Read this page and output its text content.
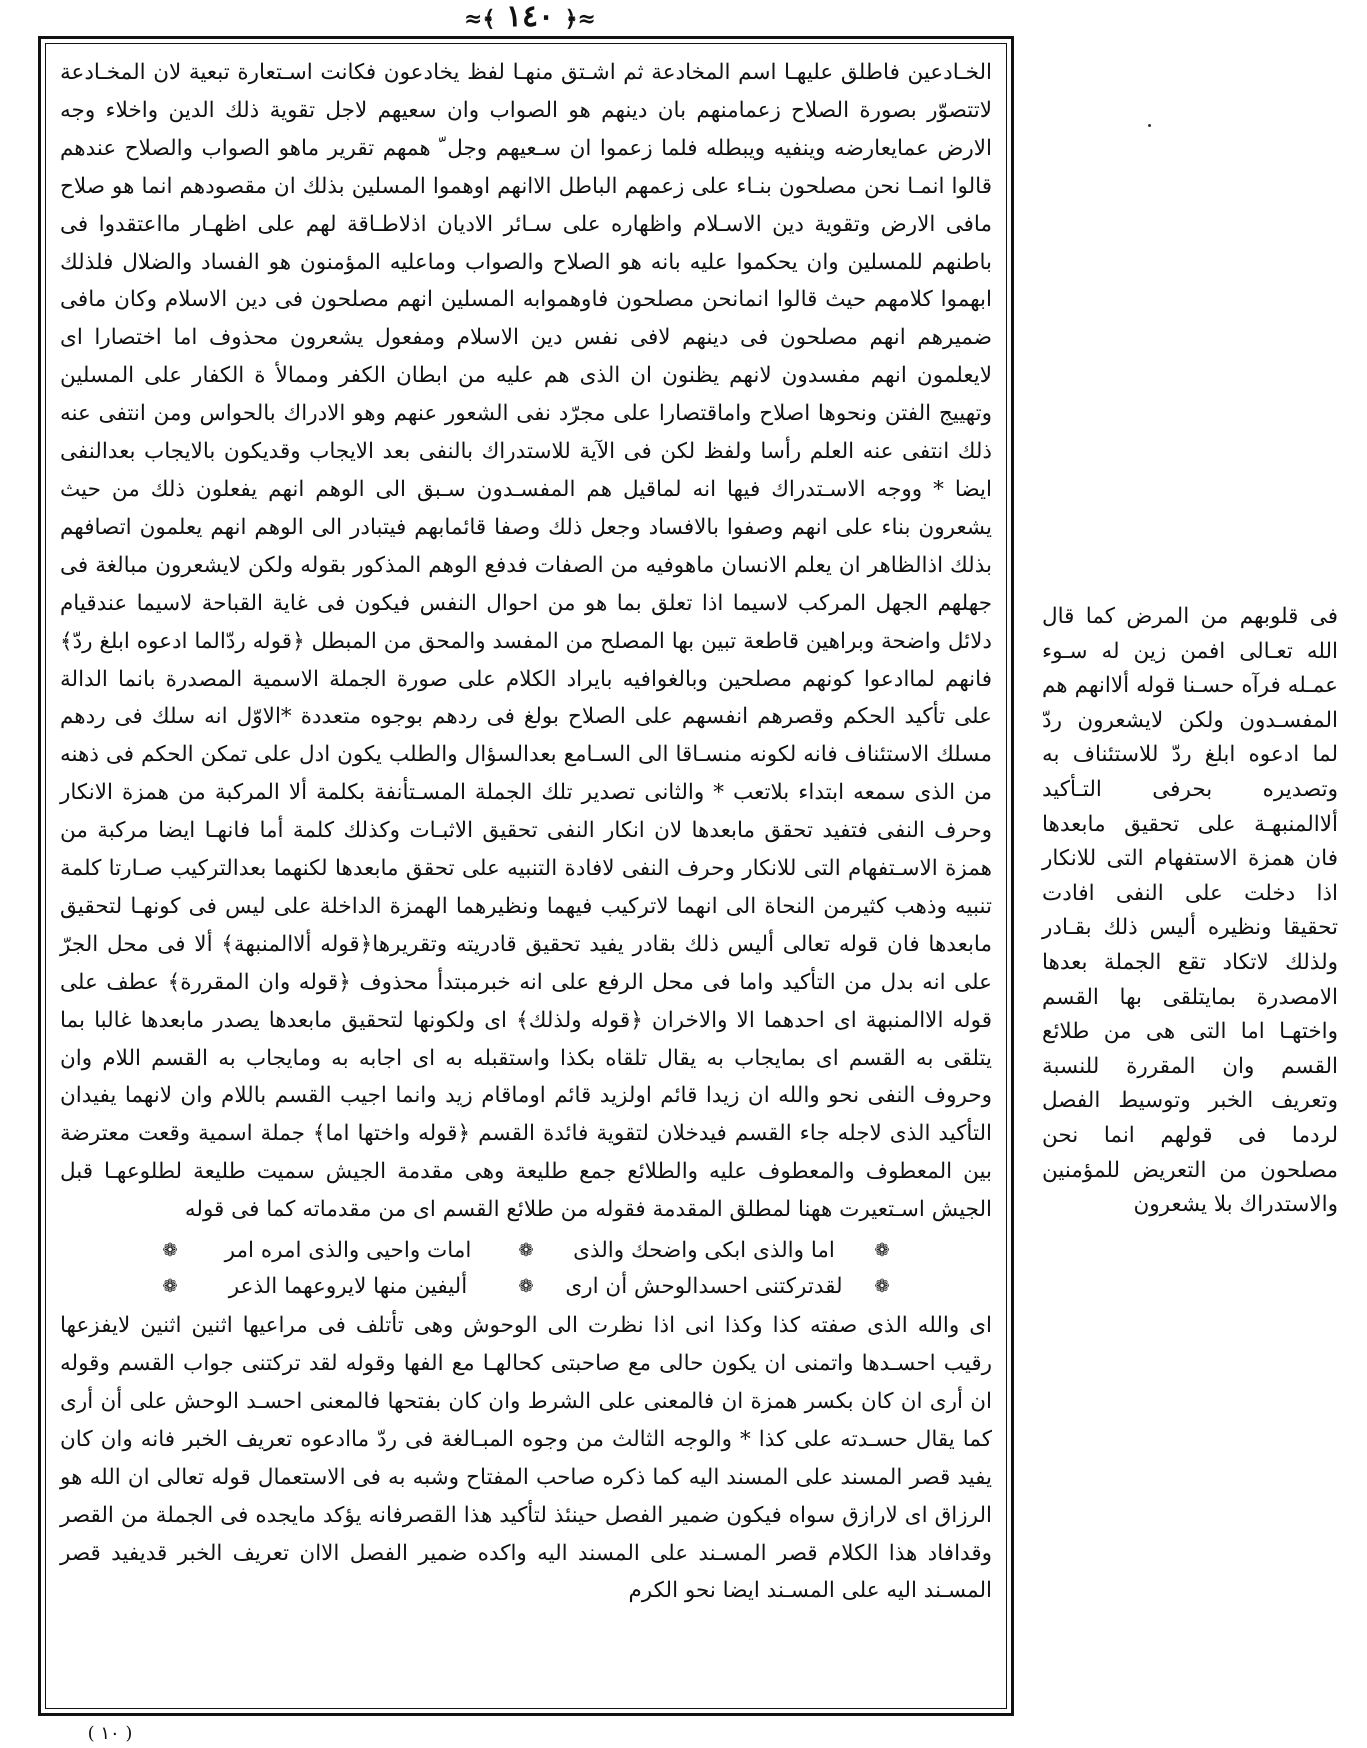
≈﴾ ١٤٠ ﴿≈

الخـادعين فاطلق عليهـا اسم المخادعة ثم اشـتق منهـا لفظ يخادعون فكانت اسـتعارة تبعية لان المخـادعة لاتتصوّر بصورة الصلاح زعمامنهم بان دينهم هو الصواب وان سعيهم لاجل تقوية ذلك الدين واخلاء وجه الارض عمايعارضه وينفيه ويبطله فلما زعموا ان سـعيهم وجل ّ همهم تقرير ماهو الصواب والصلاح عندهم قالوا انمـا نحن مصلحون بنـاء على زعمهم الباطل الاانهم اوهموا المسلين بذلك ان مقصودهم انما هو صلاح مافى الارض وتقوية دين الاسـلام واظهاره على سـائر الاديان اذلاطـاقة لهم على اظهـار مااعتقدوا فى باطنهم للمسلين وان يحكموا عليه بانه هو الصلاح والصواب وماعليه المؤمنون هو الفساد والضلال فلذلك ابهموا كلامهم حيث قالوا انمانحن مصلحون فاوهموابه المسلين انهم مصلحون فى دين الاسلام وكان مافى ضميرهم انهم مصلحون فى دينهم لافى نفس دين الاسلام ومفعول يشعرون محذوف اما اختصارا اى لايعلمون انهم مفسدون لانهم يظنون ان الذى هم عليه من ابطان الكفر وممالأ ة الكفار على المسلين وتهييج الفتن ونحوها اصلاح واماقتصارا على مجرّد نفى الشعور عنهم وهو الادراك بالحواس ومن انتفى عنه ذلك انتفى عنه العلم رأسا ولفظ لكن فى الآية للاستدراك بالنفى بعد الايجاب وقديكون بالايجاب بعدالنفى ايضا * ووجه الاسـتدراك فيها انه لماقيل هم المفسـدون سـبق الى الوهم انهم يفعلون ذلك من حيث يشعرون بناء على انهم وصفوا بالافساد وجعل ذلك وصفا قائمابهم فيتبادر الى الوهم انهم يعلمون اتصافهم بذلك اذالظاهر ان يعلم الانسان ماهوفيه من الصفات فدفع الوهم المذكور بقوله ولكن لايشعرون مبالغة فى جهلهم الجهل المركب لاسيما اذا تعلق بما هو من احوال النفس فيكون فى غاية القباحة لاسيما عندقيام دلائل واضحة وبراهين قاطعة تبين بها المصلح من المفسد والمحق من المبطل ﴿قوله ردّالما ادعوه ابلغ ردّ﴾ فانهم لماادعوا كونهم مصلحين وبالغوافيه بايراد الكلام على صورة الجملة الاسمية المصدرة بانما الدالة على تأكيد الحكم وقصرهم انفسهم على الصلاح بولغ فى ردهم بوجوه متعددة *الاوّل انه سلك فى ردهم مسلك الاستئناف فانه لكونه منسـاقا الى السـامع بعدالسؤال والطلب يكون ادل على تمكن الحكم فى ذهنه من الذى سمعه ابتداء بلاتعب * والثانى تصدير تلك الجملة المسـتأنفة بكلمة ألا المركبة من همزة الانكار وحرف النفى فتفيد تحقق مابعدها لان انكار النفى تحقيق الاثبـات وكذلك كلمة أما فانهـا ايضا مركبة من همزة الاسـتفهام التى للانكار وحرف النفى لافادة التنبيه على تحقق مابعدها لكنهما بعدالتركيب صـارتا كلمة تنبيه وذهب كثيرمن النحاة الى انهما لاتركيب فيهما ونظيرهما الهمزة الداخلة على ليس فى كونهـا لتحقيق مابعدها فان قوله تعالى أليس ذلك بقادر يفيد تحقيق قادريته وتقريرها﴿قوله ألاالمنبهة﴾ ألا فى محل الجرّ على انه بدل من التأكيد واما فى محل الرفع على انه خبرمبتدأ محذوف ﴿قوله وان المقررة﴾ عطف على قوله الاالمنبهة اى احدهما الا والاخران ﴿قوله ولذلك﴾ اى ولكونها لتحقيق مابعدها يصدر مابعدها غالبا بما يتلقى به القسم اى بمايجاب به يقال تلقاه بكذا واستقبله به اى اجابه به ومايجاب به القسم اللام وان وحروف النفى نحو والله ان زيدا قائم اولزيد قائم اوماقام زيد وانما اجيب القسم باللام وان لانهما يفيدان التأكيد الذى لاجله جاء القسم فيدخلان لتقوية فائدة القسم ﴿قوله واختها اما﴾ جملة اسمية وقعت معترضة بين المعطوف والمعطوف عليه والطلائع جمع طليعة وهى مقدمة الجيش سميت طليعة لطلوعهـا قبل الجيش اسـتعيرت ههنا لمطلق المقدمة فقوله من طلائع القسم اى من مقدماته كما فى قوله

❁
اما والذى ابكى واضحك والذى
❁
امات واحيى والذى امره امر
❁
❁
لقدتركتنى احسدالوحش أن ارى
❁
أليفين منها لايروعهما الذعر
❁

اى والله الذى صفته كذا وكذا انى اذا نظرت الى الوحوش وهى تأتلف فى مراعيها اثنين اثنين لايفزعها رقيب احسـدها واتمنى ان يكون حالى مع صاحبتى كحالهـا مع الفها وقوله لقد تركتنى جواب القسم وقوله ان أرى ان كان بكسر همزة ان فالمعنى على الشرط وان كان بفتحها فالمعنى احسـد الوحش على أن أرى كما يقال حسـدته على كذا * والوجه الثالث من وجوه المبـالغة فى ردّ ماادعوه تعريف الخبر فانه وان كان يفيد قصر المسند على المسند اليه كما ذكره صاحب المفتاح وشبه به فى الاستعمال قوله تعالى ان الله هو الرزاق اى لارازق سواه فيكون ضمير الفصل حينئذ لتأكيد هذا القصرفانه يؤكد مايجده فى الجملة من القصر وقدافاد هذا الكلام قصر المسـند على المسند اليه واكده ضمير الفصل الاان تعريف الخبر قديفيد قصر المسـند اليه على المسـند ايضا نحو الكرم

فى قلوبهم من المرض كما قال الله تعـالى افمن زين له سـوء عمـله فرآه حسـنا قوله ألاانهم هم المفسـدون ولكن لايشعرون ردّ لما ادعوه ابلغ ردّ للاستئناف به وتصديره بحرفى التـأكيد ألاالمنبهـة على تحقيق مابعدها فان همزة الاستفهام التى للانكار اذا دخلت على النفى افادت تحقيقا ونظيره أليس ذلك بقـادر ولذلك لاتكاد تقع الجملة بعدها الامصدرة بمايتلقى بها القسم واختهـا اما التى هى من طلائع القسم وان المقررة للنسبة وتعريف الخبر وتوسيط الفصل لردما فى قولهم انما نحن مصلحون من التعريض للمؤمنين والاستدراك بلا يشعرون

( ١٠ )
